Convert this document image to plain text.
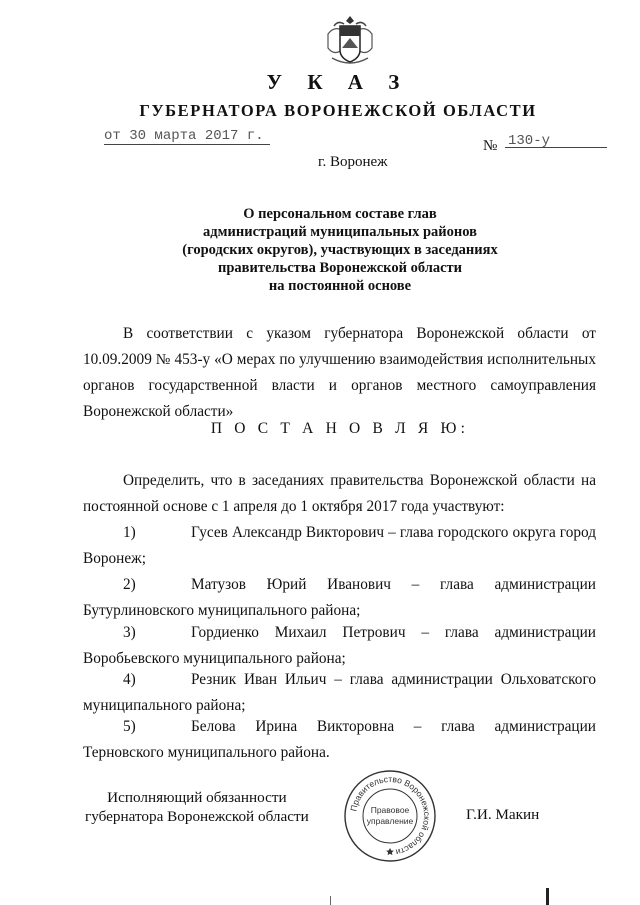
У К А З
ГУБЕРНАТОРА ВОРОНЕЖСКОЙ ОБЛАСТИ
от 30 марта 2017 г.
№ 130-у
г. Воронеж
О персональном составе глав
администраций муниципальных районов
(городских округов), участвующих в заседаниях
правительства Воронежской области
на постоянной основе
В соответствии с указом губернатора Воронежской области от 10.09.2009 № 453-у «О мерах по улучшению взаимодействия исполнительных органов государственной власти и органов местного самоуправления Воронежской области»
П О С Т А Н О В Л Я Ю:
Определить, что в заседаниях правительства Воронежской области на постоянной основе с 1 апреля до 1 октября 2017 года участвуют:
1)	Гусев Александр Викторович – глава городского округа город Воронеж;
2)	Матузов Юрий Иванович – глава администрации Бутурлиновского муниципального района;
3)	Гордиенко Михаил Петрович – глава администрации Воробьевского муниципального района;
4)	Резник Иван Ильич – глава администрации Ольховатского муниципального района;
5)	Белова Ирина Викторовна – глава администрации Терновского муниципального района.
Исполняющий обязанности
губернатора Воронежской области	Правительство Воронежской области
Правовое
управление	Г.И. Макин
